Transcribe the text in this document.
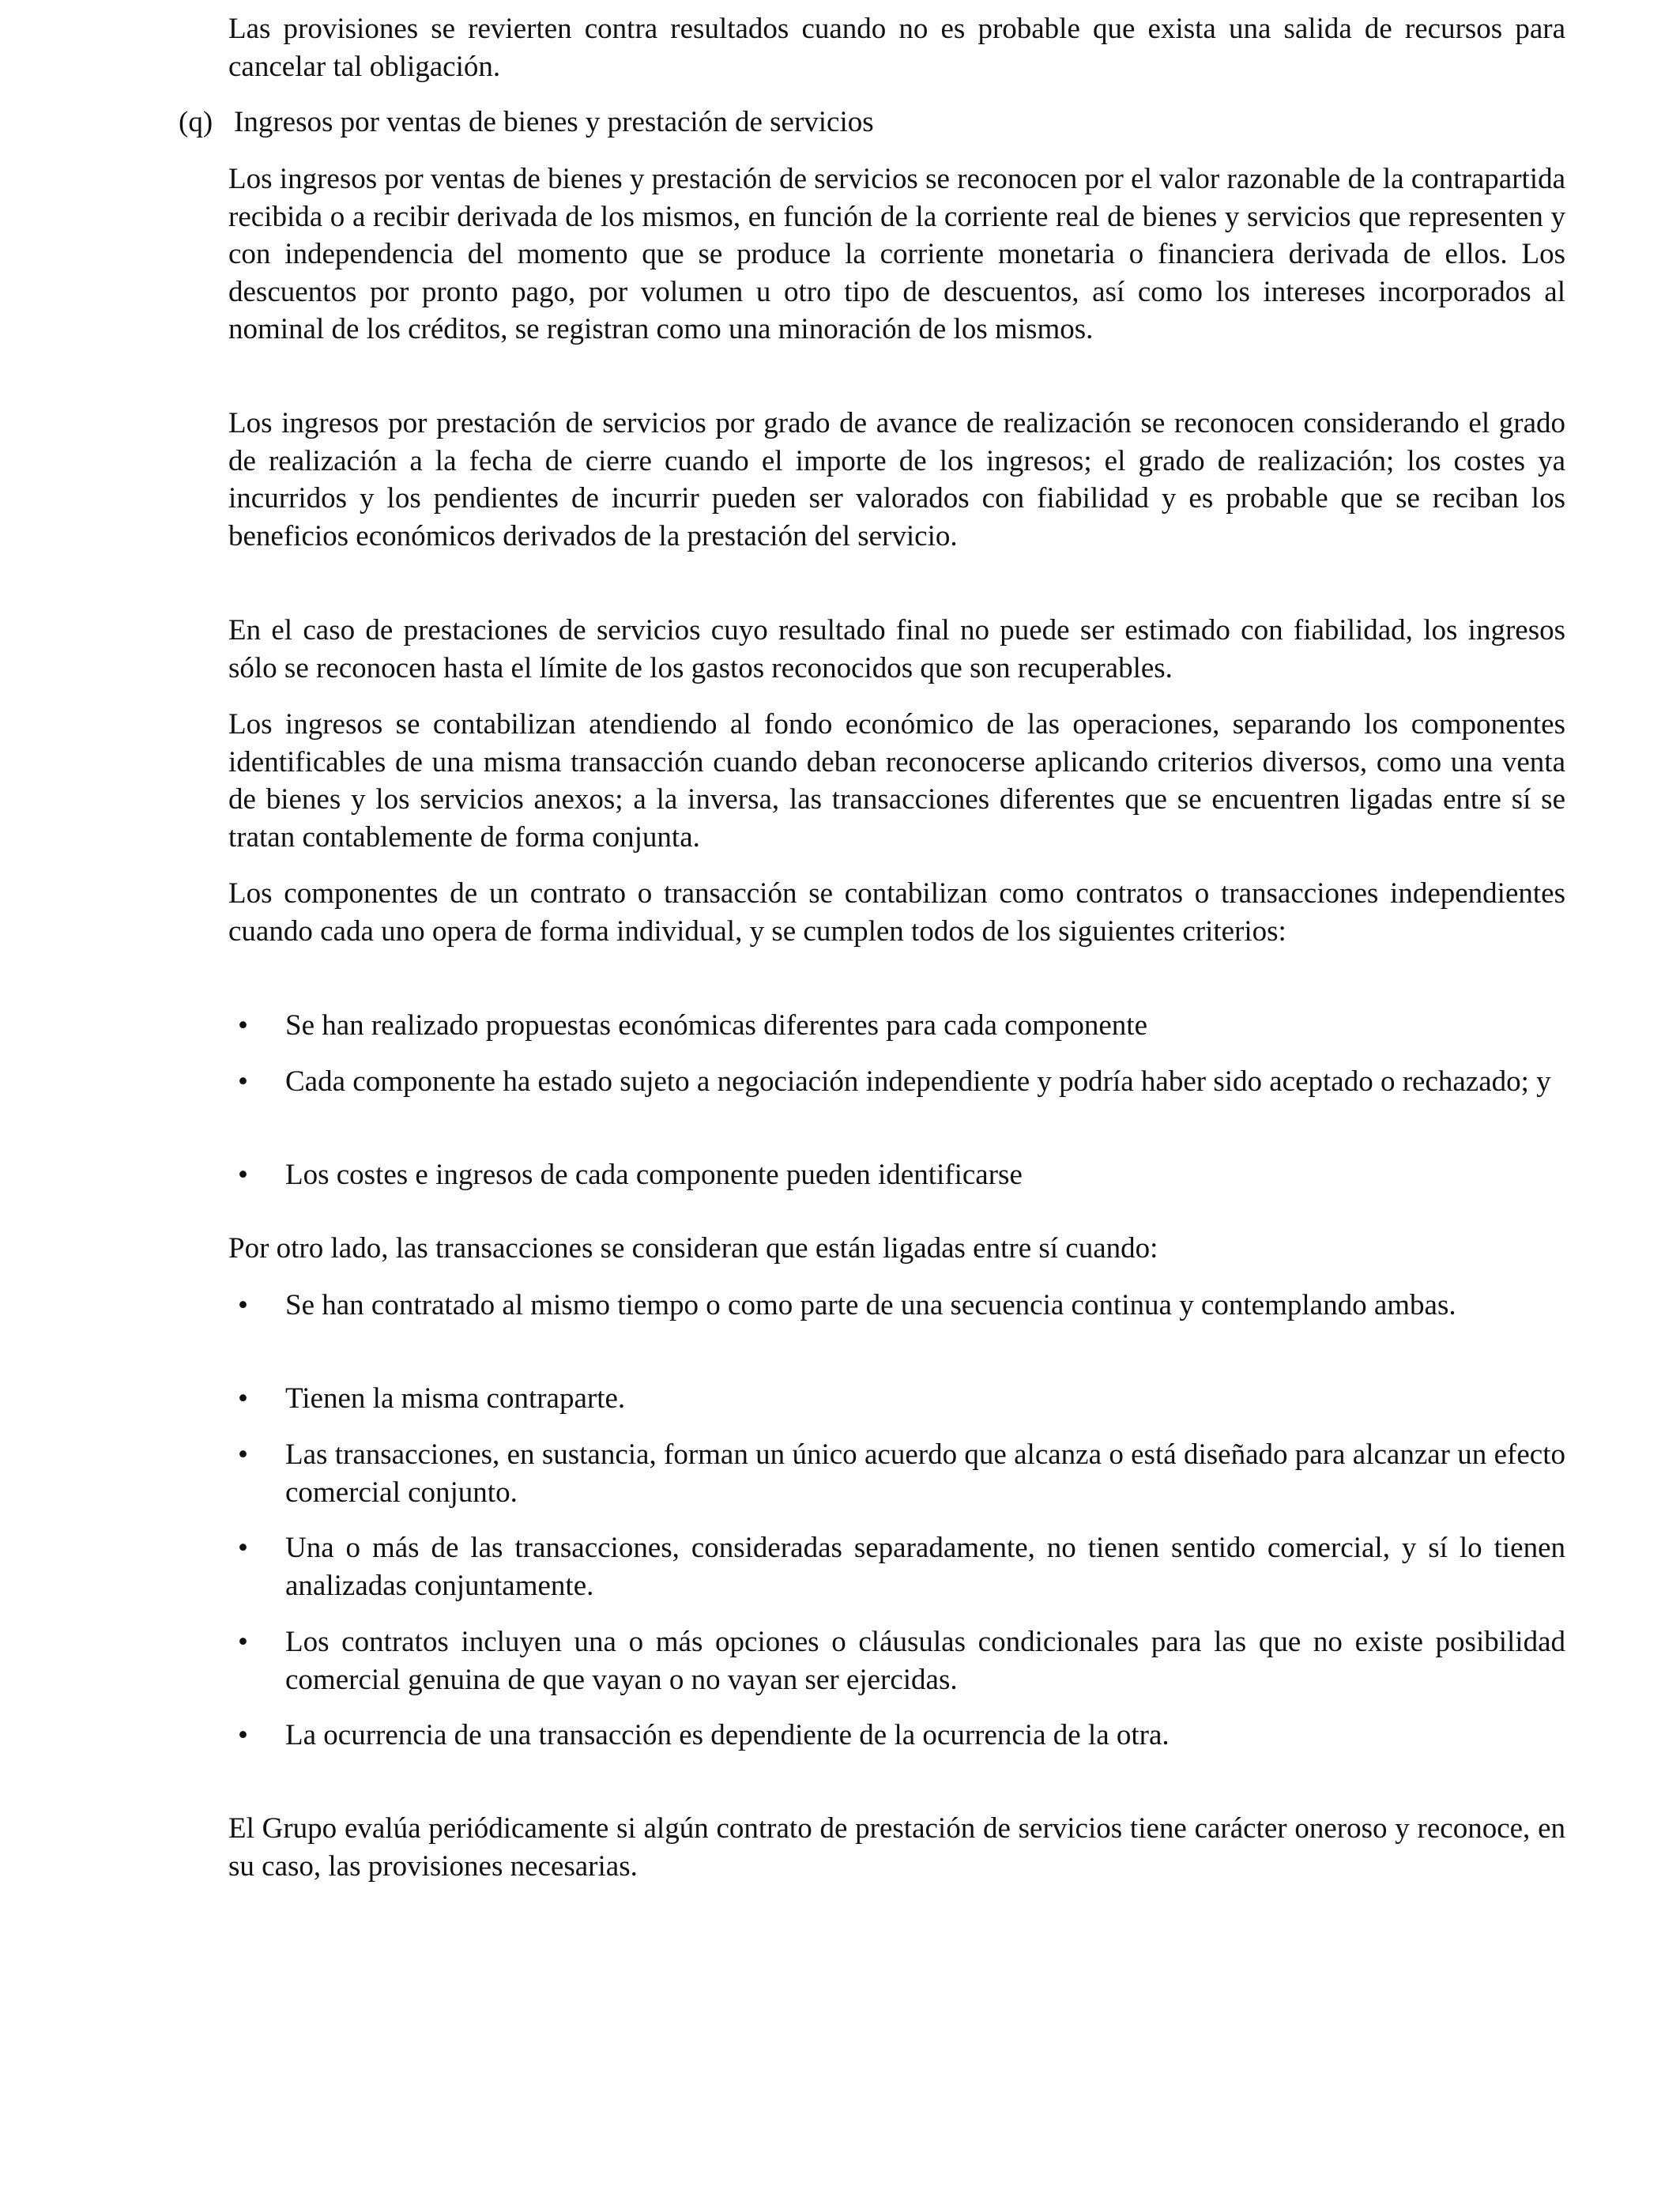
Las provisiones se revierten contra resultados cuando no es probable que exista una salida de recursos para cancelar tal obligación.

(q) Ingresos por ventas de bienes y prestación de servicios

Los ingresos por ventas de bienes y prestación de servicios se reconocen por el valor razonable de la contrapartida recibida o a recibir derivada de los mismos, en función de la corriente real de bienes y servicios que representen y con independencia del momento que se produce la corriente monetaria o financiera derivada de ellos. Los descuentos por pronto pago, por volumen u otro tipo de descuentos, así como los intereses incorporados al nominal de los créditos, se registran como una minoración de los mismos.

Los ingresos por prestación de servicios por grado de avance de realización se reconocen considerando el grado de realización a la fecha de cierre cuando el importe de los ingresos; el grado de realización; los costes ya incurridos y los pendientes de incurrir pueden ser valorados con fiabilidad y es probable que se reciban los beneficios económicos derivados de la prestación del servicio.

En el caso de prestaciones de servicios cuyo resultado final no puede ser estimado con fiabilidad, los ingresos sólo se reconocen hasta el límite de los gastos reconocidos que son recuperables.

Los ingresos se contabilizan atendiendo al fondo económico de las operaciones, separando los componentes identificables de una misma transacción cuando deban reconocerse aplicando criterios diversos, como una venta de bienes y los servicios anexos; a la inversa, las transacciones diferentes que se encuentren ligadas entre sí se tratan contablemente de forma conjunta.

Los componentes de un contrato o transacción se contabilizan como contratos o transacciones independientes cuando cada uno opera de forma individual, y se cumplen todos de los siguientes criterios:

• Se han realizado propuestas económicas diferentes para cada componente
• Cada componente ha estado sujeto a negociación independiente y podría haber sido aceptado o rechazado; y
• Los costes e ingresos de cada componente pueden identificarse

Por otro lado, las transacciones se consideran que están ligadas entre sí cuando:

• Se han contratado al mismo tiempo o como parte de una secuencia continua y contemplando ambas.
• Tienen la misma contraparte.
• Las transacciones, en sustancia, forman un único acuerdo que alcanza o está diseñado para alcanzar un efecto comercial conjunto.
• Una o más de las transacciones, consideradas separadamente, no tienen sentido comercial, y sí lo tienen analizadas conjuntamente.
• Los contratos incluyen una o más opciones o cláusulas condicionales para las que no existe posibilidad comercial genuina de que vayan o no vayan ser ejercidas.
• La ocurrencia de una transacción es dependiente de la ocurrencia de la otra.

El Grupo evalúa periódicamente si algún contrato de prestación de servicios tiene carácter oneroso y reconoce, en su caso, las provisiones necesarias.
